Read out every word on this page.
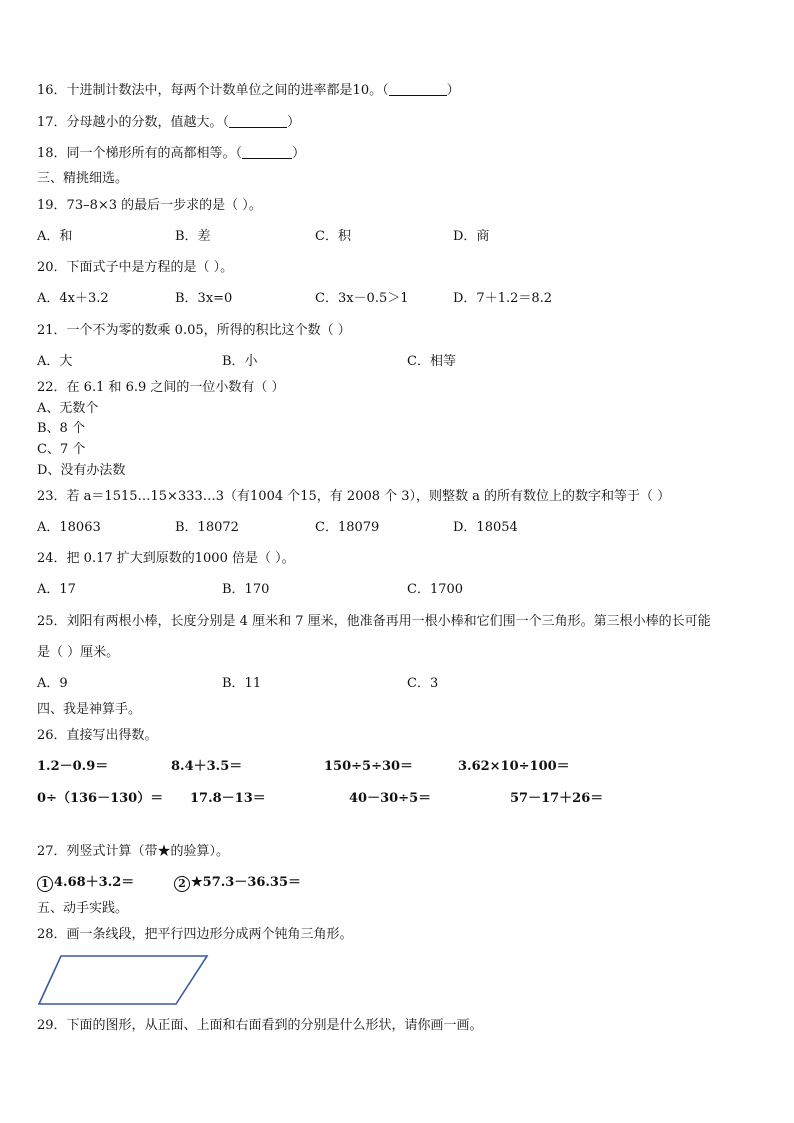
16．十进制计数法中，每两个计数单位之间的进率都是10。（	）
17．分母越小的分数，值越大。（	）
18．同一个梯形所有的高都相等。（	）
三、精挑细选。
19．73–8×3 的最后一步求的是（ ）。
A．和	B．差	C．积	D．商
20．下面式子中是方程的是（ ）。
A．4x＋3.2	B．3x=0	C．3x－0.5＞1	D．7＋1.2＝8.2
21．一个不为零的数乘 0.05，所得的积比这个数（ ）
A．大	B．小	C．相等
22．在 6.1 和 6.9 之间的一位小数有（ ）
A、无数个
B、8 个
C、7 个
D、没有办法数
23．若 a＝1515…15×333…3（有1004 个15，有 2008 个 3），则整数 a 的所有数位上的数字和等于（ ）
A．18063	B．18072	C．18079	D．18054
24．把 0.17 扩大到原数的1000 倍是（ ）。
A．17	B．170	C．1700
25．刘阳有两根小棒，长度分别是 4 厘米和 7 厘米，他准备再用一根小棒和它们围一个三角形。第三根小棒的长可能
是（ ）厘米。
A．9	B．11	C．3
四、我是神算手。
26．直接写出得数。
1.2－0.9＝	8.4＋3.5＝	150÷5÷30＝	3.62×10÷100＝
0÷（136－130）＝ 17.8－13＝	40－30÷5＝	57－17＋26＝
27．列竖式计算（带★的验算）。
1 4.68＋3.2＝	2 ★57.3－36.35＝
五、动手实践。
28．画一条线段，把平行四边形分成两个钝角三角形。
29．下面的图形，从正面、上面和右面看到的分别是什么形状，请你画一画。
